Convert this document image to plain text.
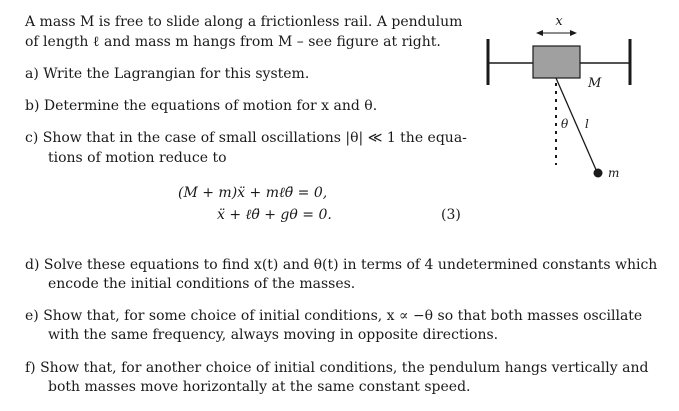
A mass M is free to slide along a frictionless rail. A pendulum
of length ℓ and mass m hangs from M – see figure at right.
a) Write the Lagrangian for this system.
b) Determine the equations of motion for x and θ.
c) Show that in the case of small oscillations |θ| ≪ 1 the equa-
tions of motion reduce to
(M + m)ẍ + mℓθ̈ = 0,
ẍ + ℓθ̈ + gθ = 0.	(3)
d) Solve these equations to find x(t) and θ(t) in terms of 4 undetermined constants which
encode the initial conditions of the masses.
e) Show that, for some choice of initial conditions, x ∝ −θ so that both masses oscillate
with the same frequency, always moving in opposite directions.
f) Show that, for another choice of initial conditions, the pendulum hangs vertically and
both masses move horizontally at the same constant speed.
x
M
θ l
m
